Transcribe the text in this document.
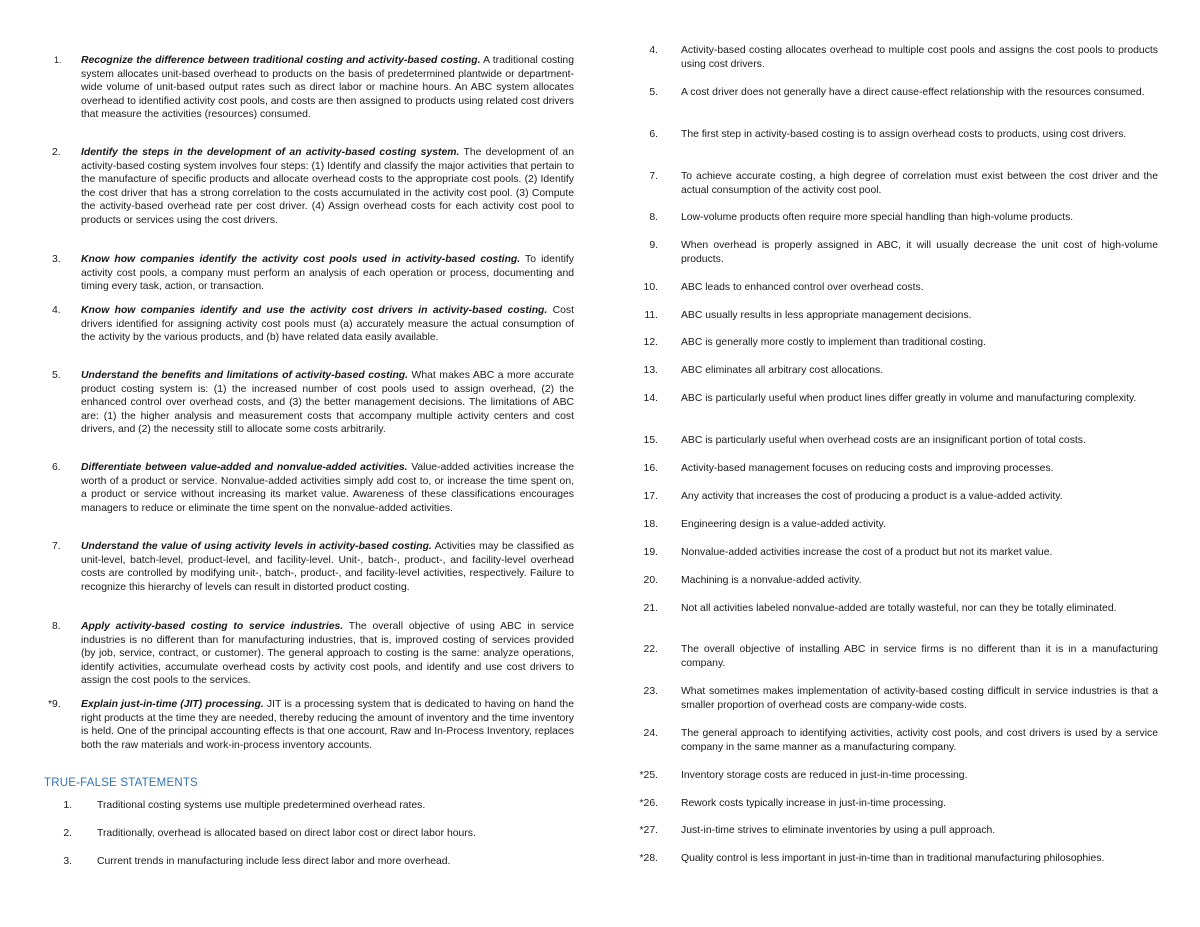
1. Recognize the difference between traditional costing and activity-based costing. A traditional costing system allocates unit-based overhead to products on the basis of predetermined plantwide or department-wide volume of unit-based output rates such as direct labor or machine hours. An ABC system allocates overhead to identified activity cost pools, and costs are then assigned to products using related cost drivers that measure the activities (resources) consumed.
2. Identify the steps in the development of an activity-based costing system. The development of an activity-based costing system involves four steps: (1) Identify and classify the major activities that pertain to the manufacture of specific products and allocate overhead costs to the appropriate cost pools. (2) Identify the cost driver that has a strong correlation to the costs accumulated in the activity cost pool. (3) Compute the activity-based overhead rate per cost driver. (4) Assign overhead costs for each activity cost pool to products or services using the cost drivers.
3. Know how companies identify the activity cost pools used in activity-based costing. To identify activity cost pools, a company must perform an analysis of each operation or process, documenting and timing every task, action, or transaction.
4. Know how companies identify and use the activity cost drivers in activity-based costing. Cost drivers identified for assigning activity cost pools must (a) accurately measure the actual consumption of the activity by the various products, and (b) have related data easily available.
5. Understand the benefits and limitations of activity-based costing. What makes ABC a more accurate product costing system is: (1) the increased number of cost pools used to assign overhead, (2) the enhanced control over overhead costs, and (3) the better management decisions. The limitations of ABC are: (1) the higher analysis and measurement costs that accompany multiple activity centers and cost drivers, and (2) the necessity still to allocate some costs arbitrarily.
6. Differentiate between value-added and nonvalue-added activities. Value-added activities increase the worth of a product or service. Nonvalue-added activities simply add cost to, or increase the time spent on, a product or service without increasing its market value. Awareness of these classifications encourages managers to reduce or eliminate the time spent on the nonvalue-added activities.
7. Understand the value of using activity levels in activity-based costing. Activities may be classified as unit-level, batch-level, product-level, and facility-level. Unit-, batch-, product-, and facility-level overhead costs are controlled by modifying unit-, batch-, product-, and facility-level activities, respectively. Failure to recognize this hierarchy of levels can result in distorted product costing.
8. Apply activity-based costing to service industries. The overall objective of using ABC in service industries is no different than for manufacturing industries, that is, improved costing of services provided (by job, service, contract, or customer). The general approach to costing is the same: analyze operations, identify activities, accumulate overhead costs by activity cost pools, and identify and use cost drivers to assign the cost pools to the services.
*9. Explain just-in-time (JIT) processing. JIT is a processing system that is dedicated to having on hand the right products at the time they are needed, thereby reducing the amount of inventory and the time inventory is held. One of the principal accounting effects is that one account, Raw and In-Process Inventory, replaces both the raw materials and work-in-process inventory accounts.
TRUE-FALSE STATEMENTS
1. Traditional costing systems use multiple predetermined overhead rates.
2. Traditionally, overhead is allocated based on direct labor cost or direct labor hours.
3. Current trends in manufacturing include less direct labor and more overhead.
4. Activity-based costing allocates overhead to multiple cost pools and assigns the cost pools to products using cost drivers.
5. A cost driver does not generally have a direct cause-effect relationship with the resources consumed.
6. The first step in activity-based costing is to assign overhead costs to products, using cost drivers.
7. To achieve accurate costing, a high degree of correlation must exist between the cost driver and the actual consumption of the activity cost pool.
8. Low-volume products often require more special handling than high-volume products.
9. When overhead is properly assigned in ABC, it will usually decrease the unit cost of high-volume products.
10. ABC leads to enhanced control over overhead costs.
11. ABC usually results in less appropriate management decisions.
12. ABC is generally more costly to implement than traditional costing.
13. ABC eliminates all arbitrary cost allocations.
14. ABC is particularly useful when product lines differ greatly in volume and manufacturing complexity.
15. ABC is particularly useful when overhead costs are an insignificant portion of total costs.
16. Activity-based management focuses on reducing costs and improving processes.
17. Any activity that increases the cost of producing a product is a value-added activity.
18. Engineering design is a value-added activity.
19. Nonvalue-added activities increase the cost of a product but not its market value.
20. Machining is a nonvalue-added activity.
21. Not all activities labeled nonvalue-added are totally wasteful, nor can they be totally eliminated.
22. The overall objective of installing ABC in service firms is no different than it is in a manufacturing company.
23. What sometimes makes implementation of activity-based costing difficult in service industries is that a smaller proportion of overhead costs are company-wide costs.
24. The general approach to identifying activities, activity cost pools, and cost drivers is used by a service company in the same manner as a manufacturing company.
*25. Inventory storage costs are reduced in just-in-time processing.
*26. Rework costs typically increase in just-in-time processing.
*27. Just-in-time strives to eliminate inventories by using a pull approach.
*28. Quality control is less important in just-in-time than in traditional manufacturing philosophies.
